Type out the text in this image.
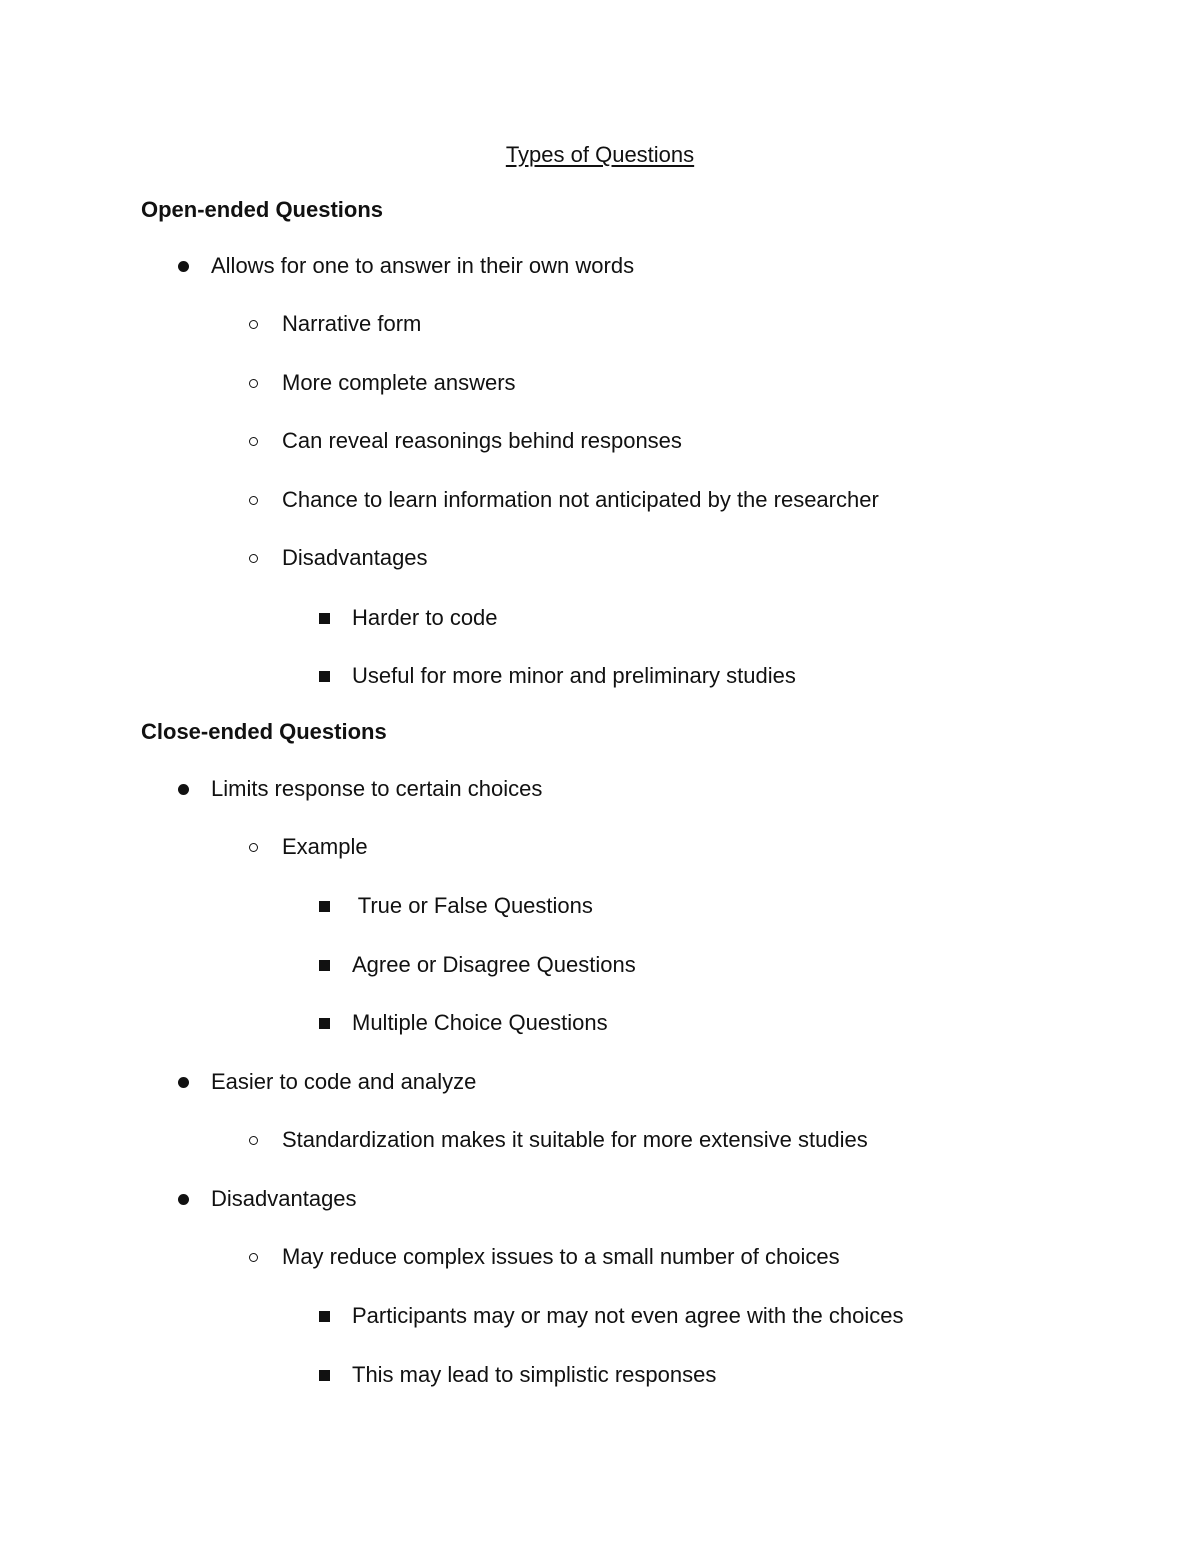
Types of Questions
Open-ended Questions
Allows for one to answer in their own words
Narrative form
More complete answers
Can reveal reasonings behind responses
Chance to learn information not anticipated by the researcher
Disadvantages
Harder to code
Useful for more minor and preliminary studies
Close-ended Questions
Limits response to certain choices
Example
True or False Questions
Agree or Disagree Questions
Multiple Choice Questions
Easier to code and analyze
Standardization makes it suitable for more extensive studies
Disadvantages
May reduce complex issues to a small number of choices
Participants may or may not even agree with the choices
This may lead to simplistic responses
